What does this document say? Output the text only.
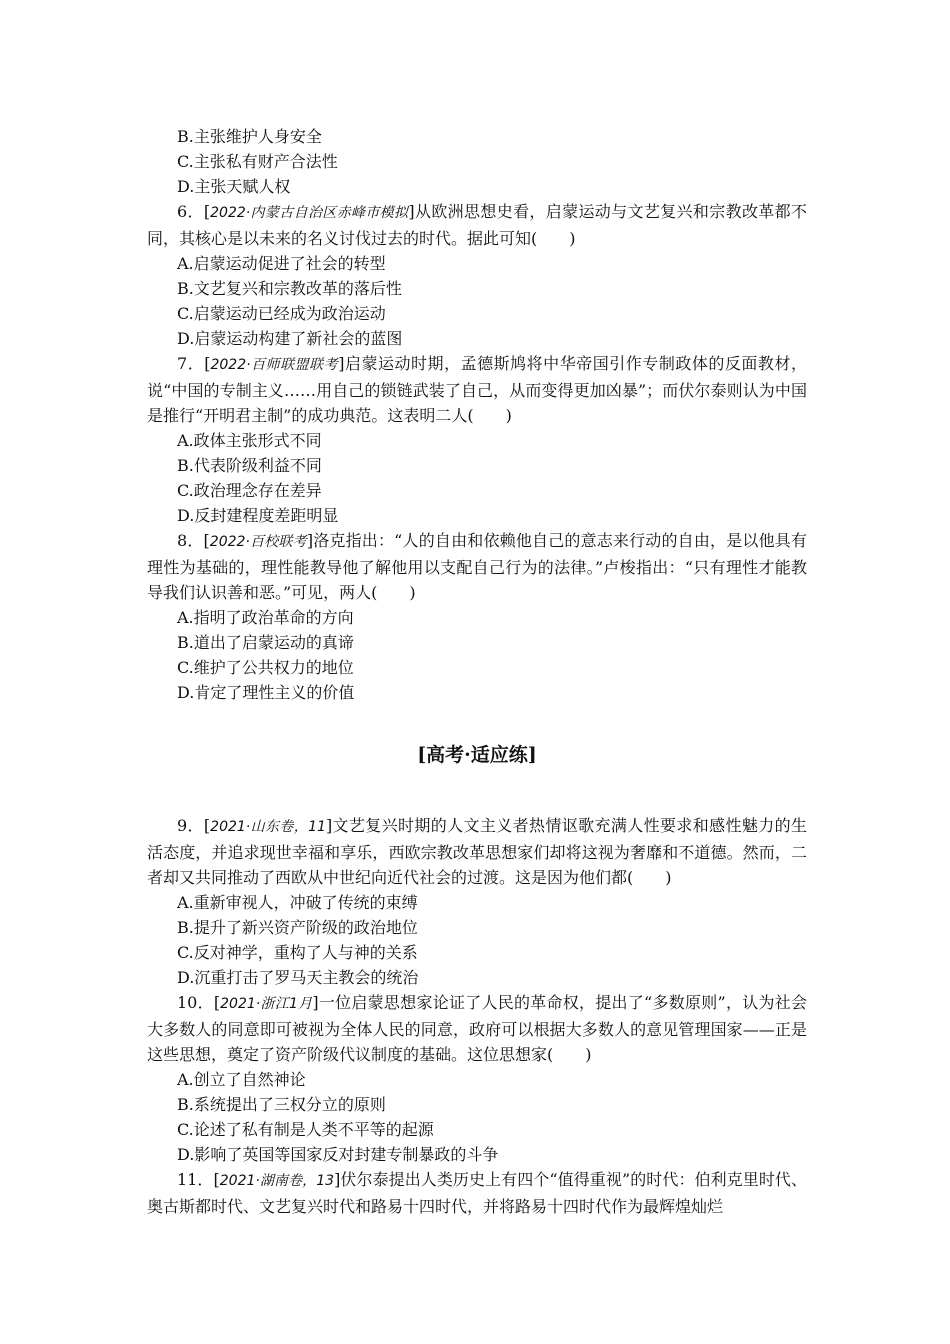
B.主张维护人身安全
C.主张私有财产合法性
D.主张天赋人权
6．[2022·内蒙古自治区赤峰市模拟]从欧洲思想史看，启蒙运动与文艺复兴和宗教改革都不同，其核心是以未来的名义讨伐过去的时代。据此可知(　　)
A.启蒙运动促进了社会的转型
B.文艺复兴和宗教改革的落后性
C.启蒙运动已经成为政治运动
D.启蒙运动构建了新社会的蓝图
7．[2022·百师联盟联考]启蒙运动时期，孟德斯鸠将中华帝国引作专制政体的反面教材，说“中国的专制主义……用自己的锁链武装了自己，从而变得更加凶暴”；而伏尔泰则认为中国是推行“开明君主制”的成功典范。这表明二人(　　)
A.政体主张形式不同
B.代表阶级利益不同
C.政治理念存在差异
D.反封建程度差距明显
8．[2022·百校联考]洛克指出：“人的自由和依赖他自己的意志来行动的自由，是以他具有理性为基础的，理性能教导他了解他用以支配自己行为的法律。”卢梭指出：“只有理性才能教导我们认识善和恶。”可见，两人(　　)
A.指明了政治革命的方向
B.道出了启蒙运动的真谛
C.维护了公共权力的地位
D.肯定了理性主义的价值
[高考·适应练]
9．[2021·山东卷，11]文艺复兴时期的人文主义者热情讴歌充满人性要求和感性魅力的生活态度，并追求现世幸福和享乐，西欧宗教改革思想家们却将这视为奢靡和不道德。然而，二者却又共同推动了西欧从中世纪向近代社会的过渡。这是因为他们都(　　)
A.重新审视人，冲破了传统的束缚
B.提升了新兴资产阶级的政治地位
C.反对神学，重构了人与神的关系
D.沉重打击了罗马天主教会的统治
10．[2021·浙江1月]一位启蒙思想家论证了人民的革命权，提出了“多数原则”，认为社会大多数人的同意即可被视为全体人民的同意，政府可以根据大多数人的意见管理国家——正是这些思想，奠定了资产阶级代议制度的基础。这位思想家(　　)
A.创立了自然神论
B.系统提出了三权分立的原则
C.论述了私有制是人类不平等的起源
D.影响了英国等国家反对封建专制暴政的斗争
11．[2021·湖南卷，13]伏尔泰提出人类历史上有四个“值得重视”的时代：伯利克里时代、奥古斯都时代、文艺复兴时代和路易十四时代，并将路易十四时代作为最辉煌灿烂
